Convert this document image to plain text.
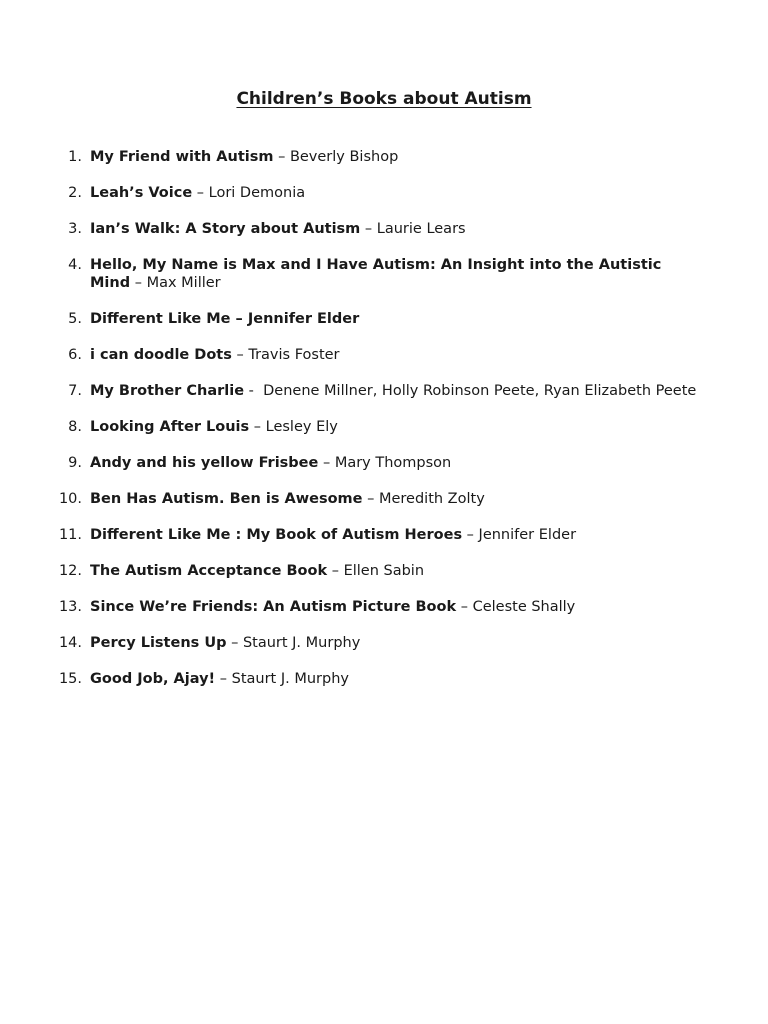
Children’s Books about Autism
1. My Friend with Autism – Beverly Bishop
2. Leah’s Voice – Lori Demonia
3. Ian’s Walk: A Story about Autism – Laurie Lears
4. Hello, My Name is Max and I Have Autism: An Insight into the Autistic Mind – Max Miller
5. Different Like Me – Jennifer Elder
6. i can doodle Dots – Travis Foster
7. My Brother Charlie -  Denene Millner, Holly Robinson Peete, Ryan Elizabeth Peete
8. Looking After Louis – Lesley Ely
9. Andy and his yellow Frisbee – Mary Thompson
10. Ben Has Autism. Ben is Awesome – Meredith Zolty
11. Different Like Me : My Book of Autism Heroes – Jennifer Elder
12. The Autism Acceptance Book – Ellen Sabin
13. Since We’re Friends: An Autism Picture Book – Celeste Shally
14. Percy Listens Up – Staurt J. Murphy
15. Good Job, Ajay! – Staurt J. Murphy
